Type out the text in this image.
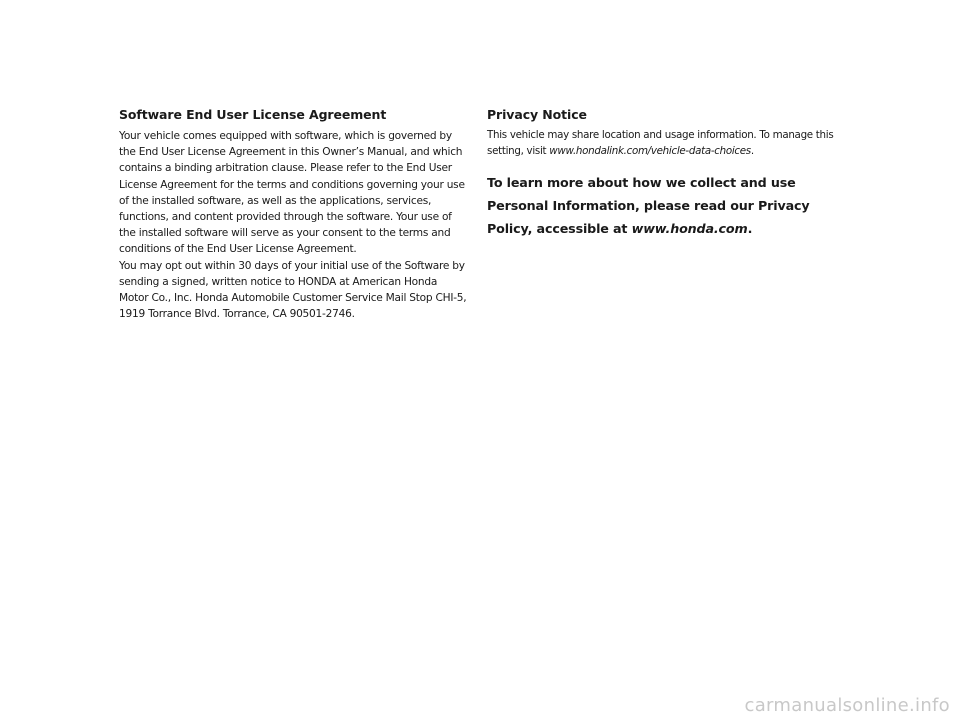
Software End User License Agreement

Your vehicle comes equipped with software, which is governed by the End User License Agreement in this Owner’s Manual, and which contains a binding arbitration clause. Please refer to the End User License Agreement for the terms and conditions governing your use of the installed software, as well as the applications, services, functions, and content provided through the software. Your use of the installed software will serve as your consent to the terms and conditions of the End User License Agreement.

You may opt out within 30 days of your initial use of the Software by sending a signed, written notice to HONDA at American Honda Motor Co., Inc. Honda Automobile Customer Service Mail Stop CHI-5, 1919 Torrance Blvd. Torrance, CA 90501-2746.

Privacy Notice

This vehicle may share location and usage information. To manage this setting, visit www.hondalink.com/vehicle-data-choices.

To learn more about how we collect and use Personal Information, please read our Privacy Policy, accessible at www.honda.com.

carmanualsonline.info
